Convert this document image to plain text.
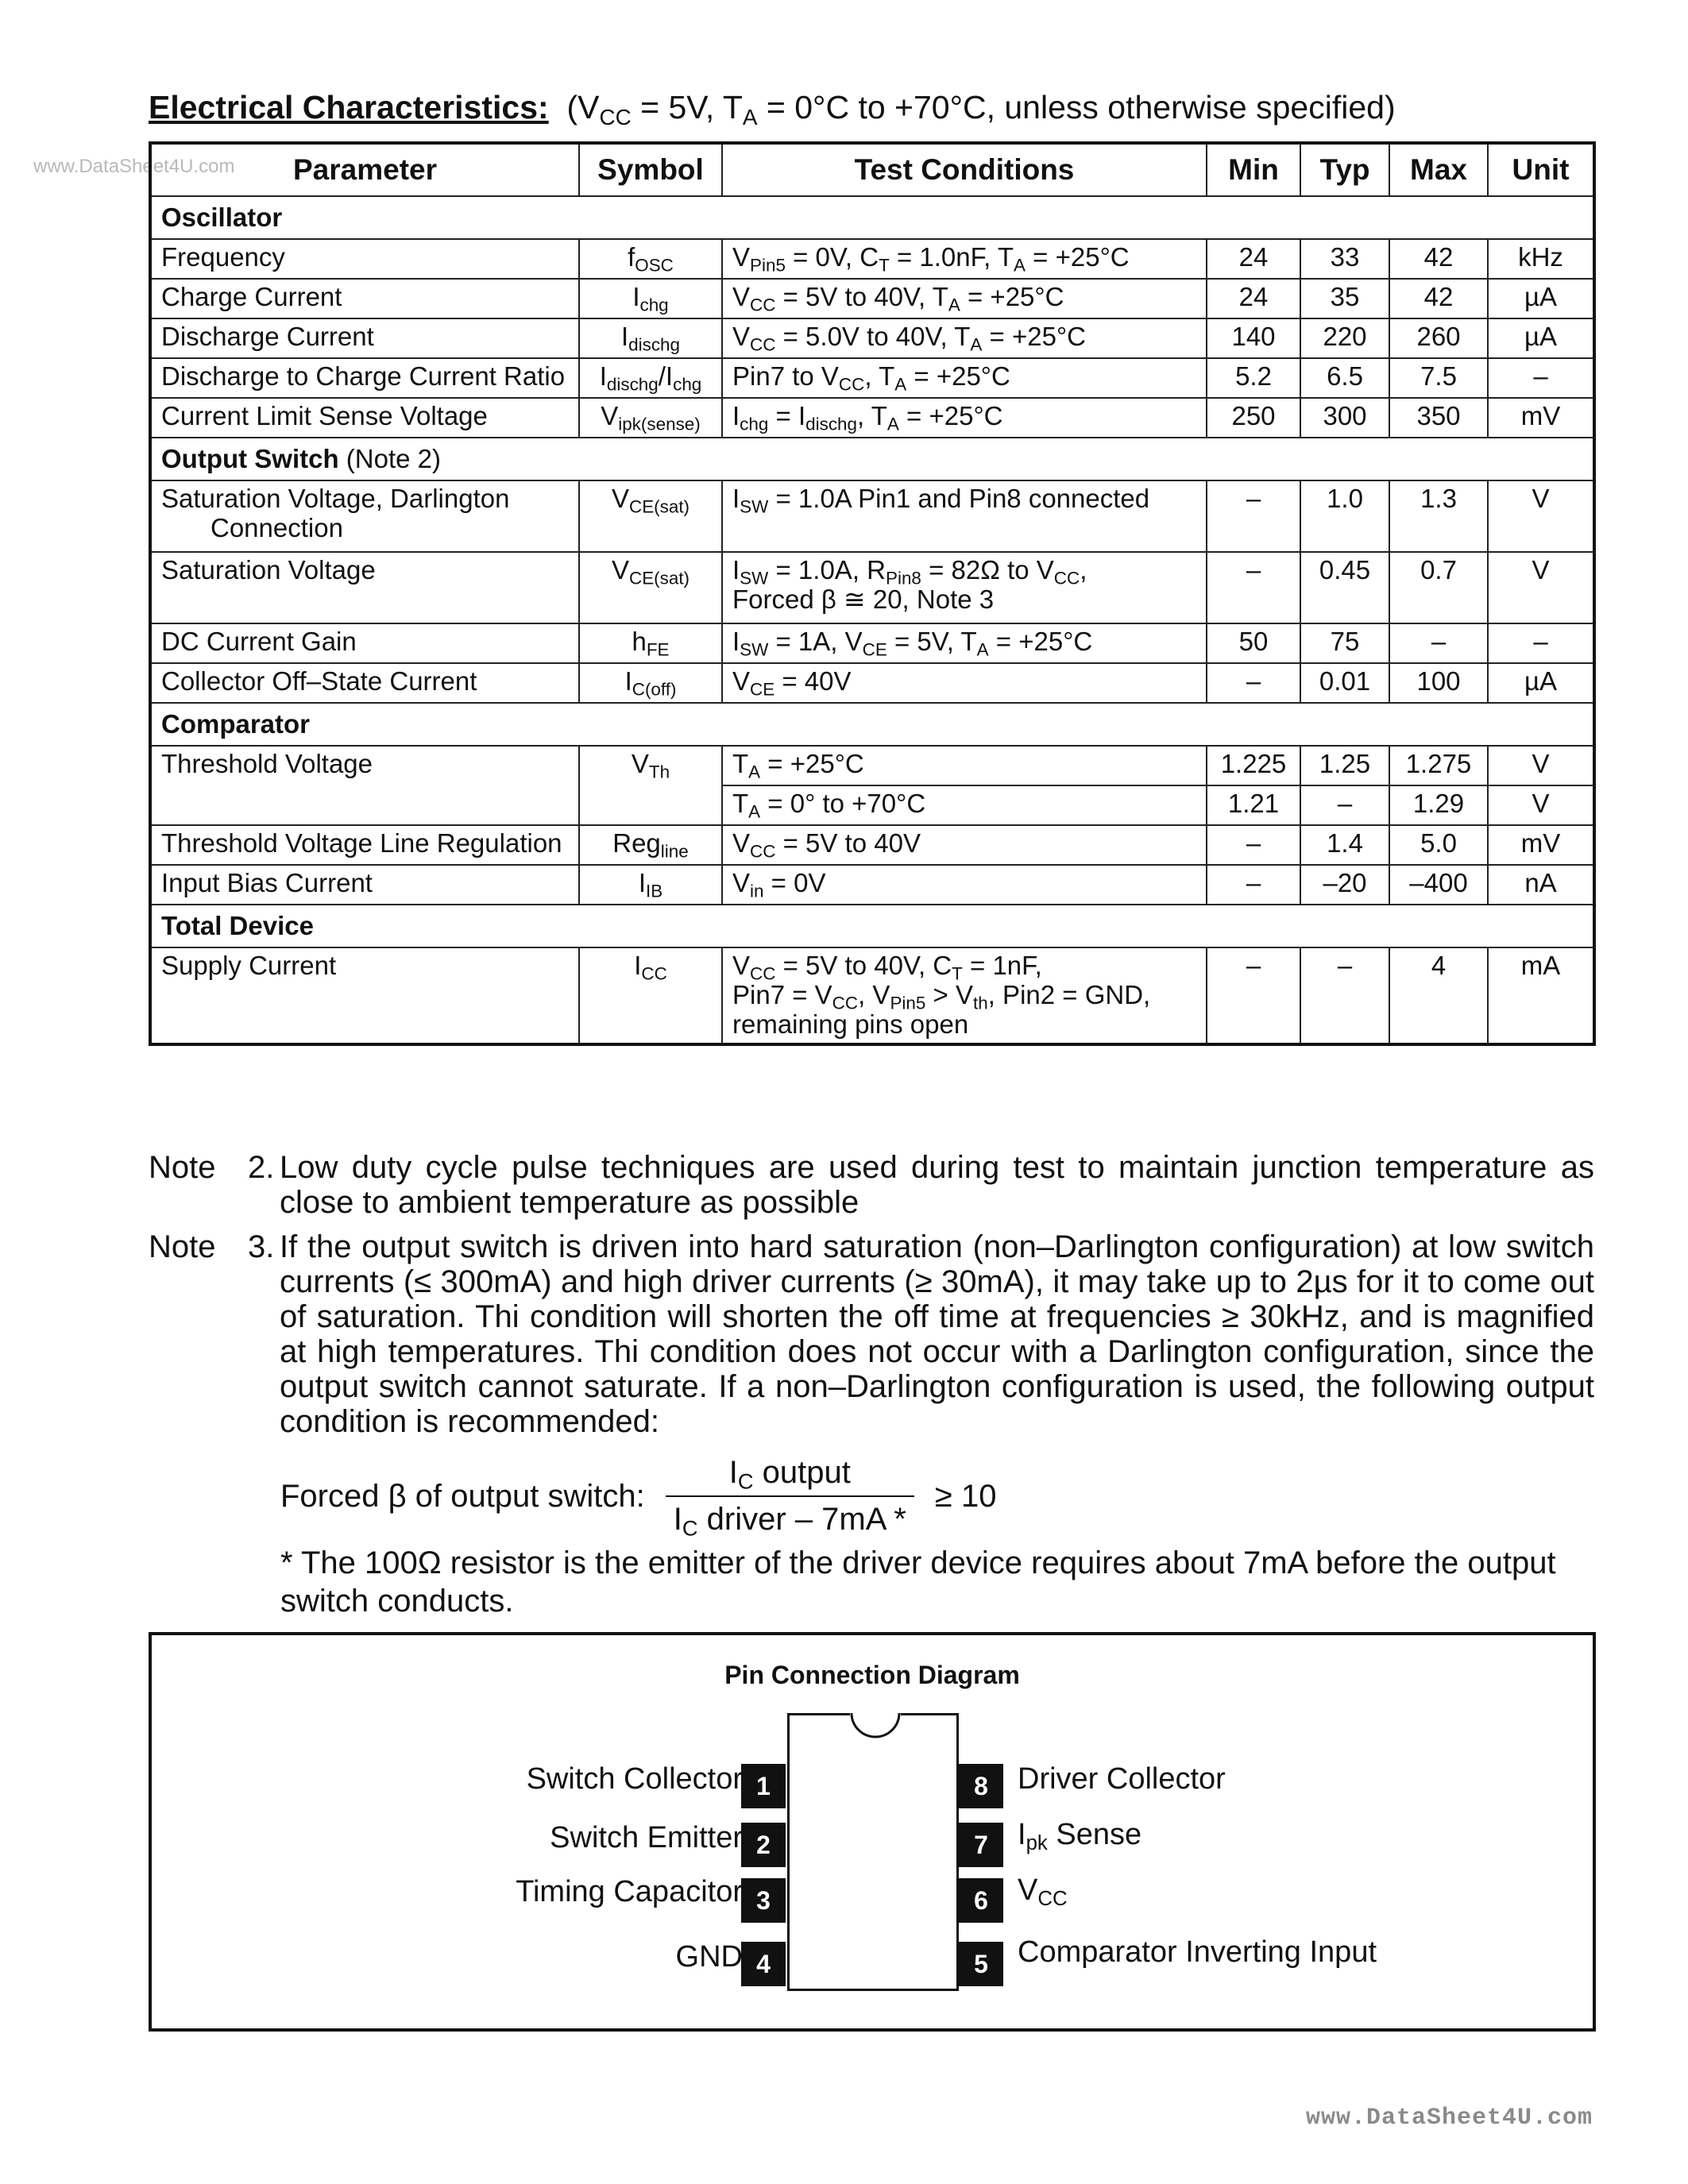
www.DataSheet4U.com
Electrical Characteristics: ($V_{CC} = 5V$, $T_A = 0^\circ C$ to +70°C, unless otherwise specified)
Parameter	Symbol	Test Conditions	Min	Typ	Max	Unit
Oscillator						
Frequency	$f_{OSC}$	$V_{Pin5} = 0V$, $C_T = 1.0nF$, $T_A = +25^\circ C$	24	33	42	kHz
Charge Current	$I_{chg}$	$V_{CC} = 5V$ to 40V, $T_A = +25^\circ C$	24	35	42	µA
Discharge Current	$I_{dischg}$	$V_{CC} = 5.0V$ to 40V, $T_A = +25^\circ C$	140	220	260	µA
Discharge to Charge Current Ratio	$I_{dischg}/I_{chg}$	Pin7 to $V_{CC}$, $T_A = +25^\circ C$	5.2	6.5	7.5	–
Current Limit Sense Voltage	$V_{ipk(sense)}$	$I_{chg} = I_{dischg}$, $T_A = +25^\circ C$	250	300	350	mV
Output Switch (Note 2)						
Saturation Voltage, Darlington
Connection	$V_{CE(sat)}$	$I_{SW} = 1.0A$ Pin1 and Pin8 connected	–	1.0	1.3	V
Saturation Voltage	$V_{CE(sat)}$	$I_{SW} = 1.0A$, $R_{Pin8} = 82\Omega$ to $V_{CC}$,
Forced β ≅ 20, Note 3	–	0.45	0.7	V
DC Current Gain	$h_{FE}$	$I_{SW} = 1A$, $V_{CE} = 5V$, $T_A = +25^\circ C$	50	75	–	–
Collector Off–State Current	$I_{C(off)}$	$V_{CE} = 40V$	–	0.01	100	µA
Comparator						
Threshold Voltage	$V_{Th}$	$T_A = +25^\circ C$	1.225	1.25	1.275	V
		$T_A = 0^\circ$ to +70°C	1.21	–	1.29	V
Threshold Voltage Line Regulation	Reg$_{line}$	$V_{CC} = 5V$ to 40V	–	1.4	5.0	mV
Input Bias Current	$I_{IB}$	$V_{in} = 0V$	–	–20	–400	nA
Total Device						
Supply Current	$I_{CC}$	$V_{CC} = 5V$ to 40V, $C_T = 1nF$,
$Pin7 = V_{CC}$, $V_{Pin5} > V_{th}$, Pin2 = GND,
remaining pins open	–	–	4	mA
Note	2. Low duty cycle pulse techniques are used during test to maintain junction temperature as close to ambient temperature as possible
Note	3. If the output switch is driven into hard saturation (non–Darlington configuration) at low switch currents (≤ 300mA) and high driver currents (≥ 30mA), it may take up to 2µs for it to come out of saturation. Thi condition will shorten the off time at frequencies ≥ 30kHz, and is magnified at high temperatures. Thi condition does not occur with a Darlington configuration, since the output switch cannot saturate. If a non–Darlington configuration is used, the following output condition is recommended:
Forced β of output switch: $\frac{I_C output}{I_C driver - 7mA *} \ge 10$
* The 100Ω resistor is the emitter of the driver device requires about 7mA before the output switch conducts.
Pin Connection Diagram
1
2
3
4
Switch Collector
Switch Emitter
Timing Capacitor
GND
8
7
6
5
Driver Collector
$I_{pk}$ Sense
$V_{CC}$
Comparator Inverting Input
www.DataSheet4U.com
